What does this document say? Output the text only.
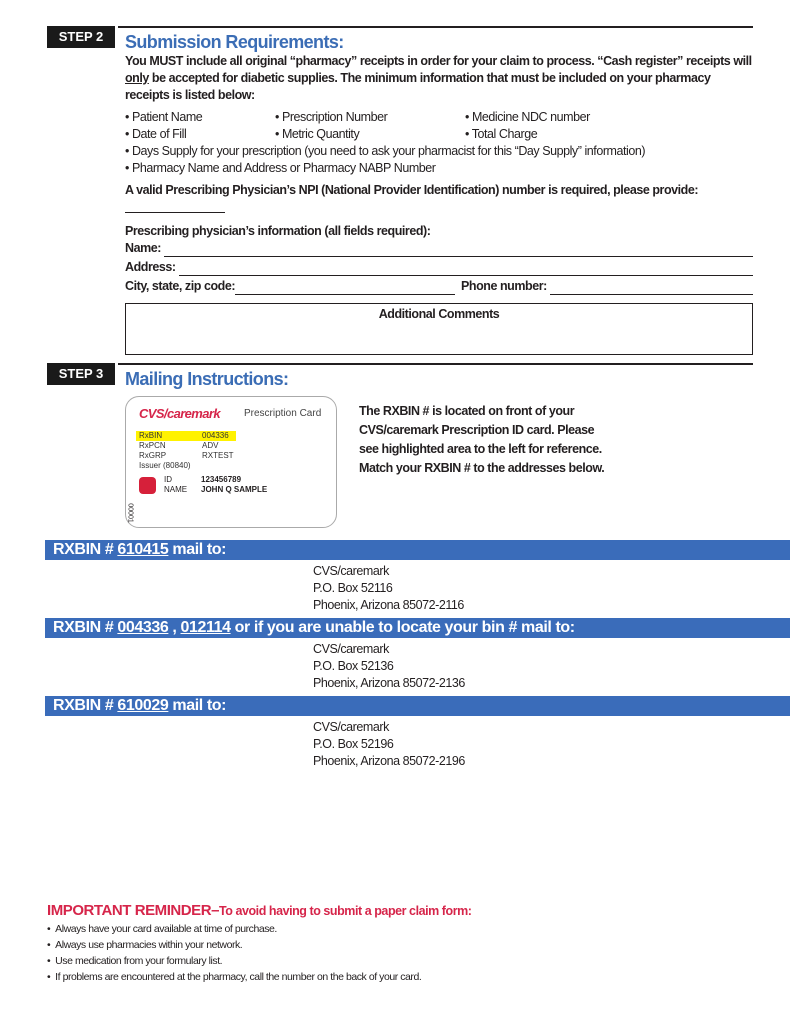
STEP 2	Submission Requirements:
You MUST include all original “pharmacy” receipts in order for your claim to process. “Cash register” receipts will only be accepted for diabetic supplies. The minimum information that must be included on your pharmacy receipts is listed below:
• Patient Name	• Prescription Number	• Medicine NDC number
• Date of Fill	• Metric Quantity	• Total Charge
• Days Supply for your prescription (you need to ask your pharmacist for this “Day Supply” information)
• Pharmacy Name and Address or Pharmacy NABP Number
A valid Prescribing Physician’s NPI (National Provider Identification) number is required, please provide:
Prescribing physician’s information (all fields required):
Name:
Address:
City, state, zip code:	Phone number:
Additional Comments
STEP 3	Mailing Instructions:
CVS/caremark Prescription Card
RxBIN	004336
RxPCN	ADV
RxGRP	RXTEST
Issuer (80840)
ID	123456789
NAME	JOHN Q SAMPLE
00001
The RXBIN # is located on front of your
CVS/caremark Prescription ID card. Please
see highlighted area to the left for reference.
Match your RXBIN # to the addresses below.
RXBIN # 610415 mail to:
CVS/caremark
P.O. Box 52116
Phoenix, Arizona 85072-2116
RXBIN # 004336 , 012114 or if you are unable to locate your bin # mail to:
CVS/caremark
P.O. Box 52136
Phoenix, Arizona 85072-2136
RXBIN # 610029 mail to:
CVS/caremark
P.O. Box 52196
Phoenix, Arizona 85072-2196
IMPORTANT REMINDER–To avoid having to submit a paper claim form:
•  Always have your card available at time of purchase.
•  Always use pharmacies within your network.
•  Use medication from your formulary list.
•  If problems are encountered at the pharmacy, call the number on the back of your card.
